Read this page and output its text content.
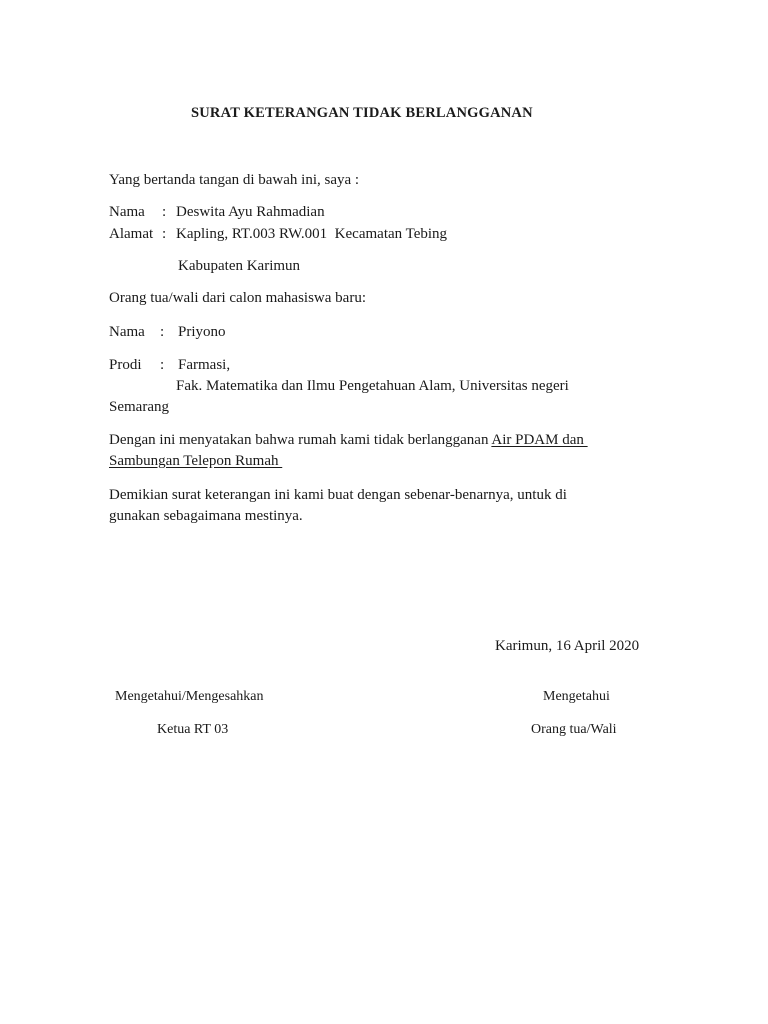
SURAT KETERANGAN TIDAK BERLANGGANAN
Yang bertanda tangan di bawah ini, saya :
Nama : Deswita Ayu Rahmadian
Alamat : Kapling, RT.003 RW.001  Kecamatan Tebing
Kabupaten Karimun
Orang tua/wali dari calon mahasiswa baru:
Nama : Priyono
Prodi : Farmasi,
Fak. Matematika dan Ilmu Pengetahuan Alam, Universitas negeri
Semarang
Dengan ini menyatakan bahwa rumah kami tidak berlangganan Air PDAM dan
Sambungan Telepon Rumah
Demikian surat keterangan ini kami buat dengan sebenar-benarnya, untuk di
gunakan sebagaimana mestinya.
Karimun, 16 April 2020
Mengetahui/Mengesahkan
Ketua RT 03
Mengetahui
Orang tua/Wali
